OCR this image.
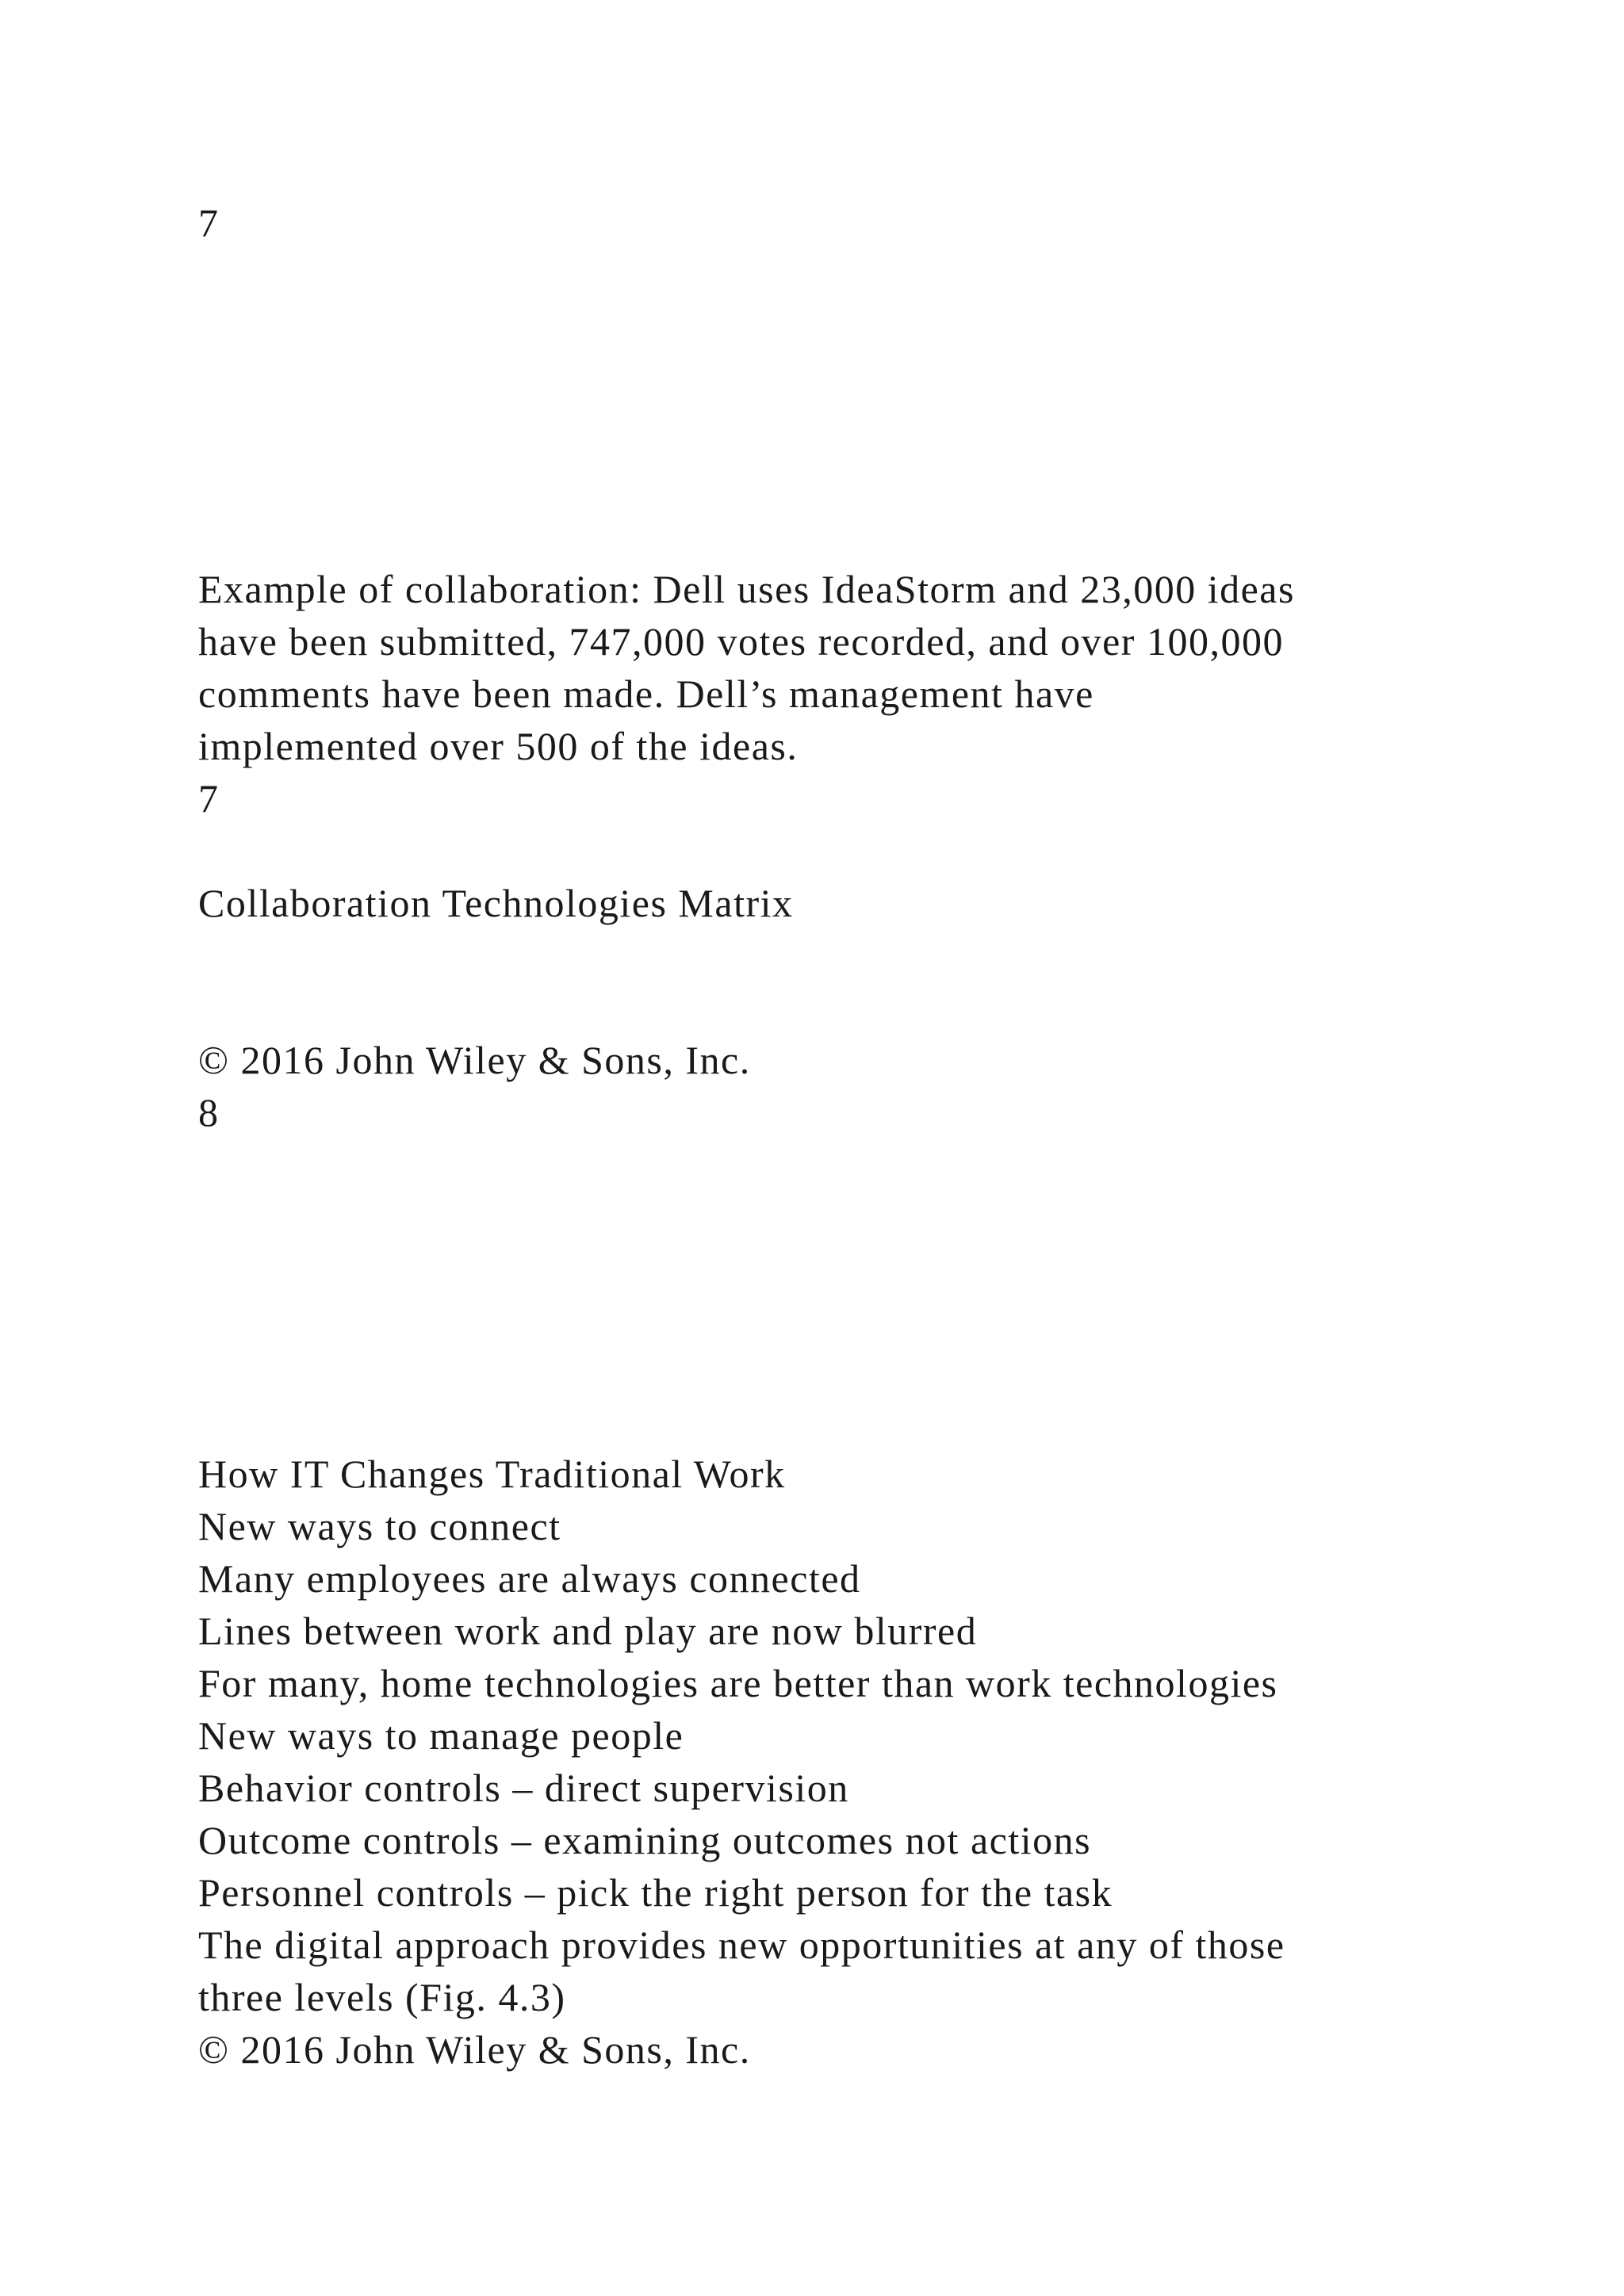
7
Example of collaboration: Dell uses IdeaStorm and 23,000 ideas
have been submitted, 747,000 votes recorded, and over 100,000
comments have been made. Dell’s management have
implemented over 500 of the ideas.
7
Collaboration Technologies Matrix
© 2016 John Wiley & Sons, Inc.
8
How IT Changes Traditional Work
New ways to connect
Many employees are always connected
Lines between work and play are now blurred
For many, home technologies are better than work technologies
New ways to manage people
Behavior controls – direct supervision
Outcome controls – examining outcomes not actions
Personnel controls – pick the right person for the task
The digital approach provides new opportunities at any of those
three levels (Fig. 4.3)
© 2016 John Wiley & Sons, Inc.
